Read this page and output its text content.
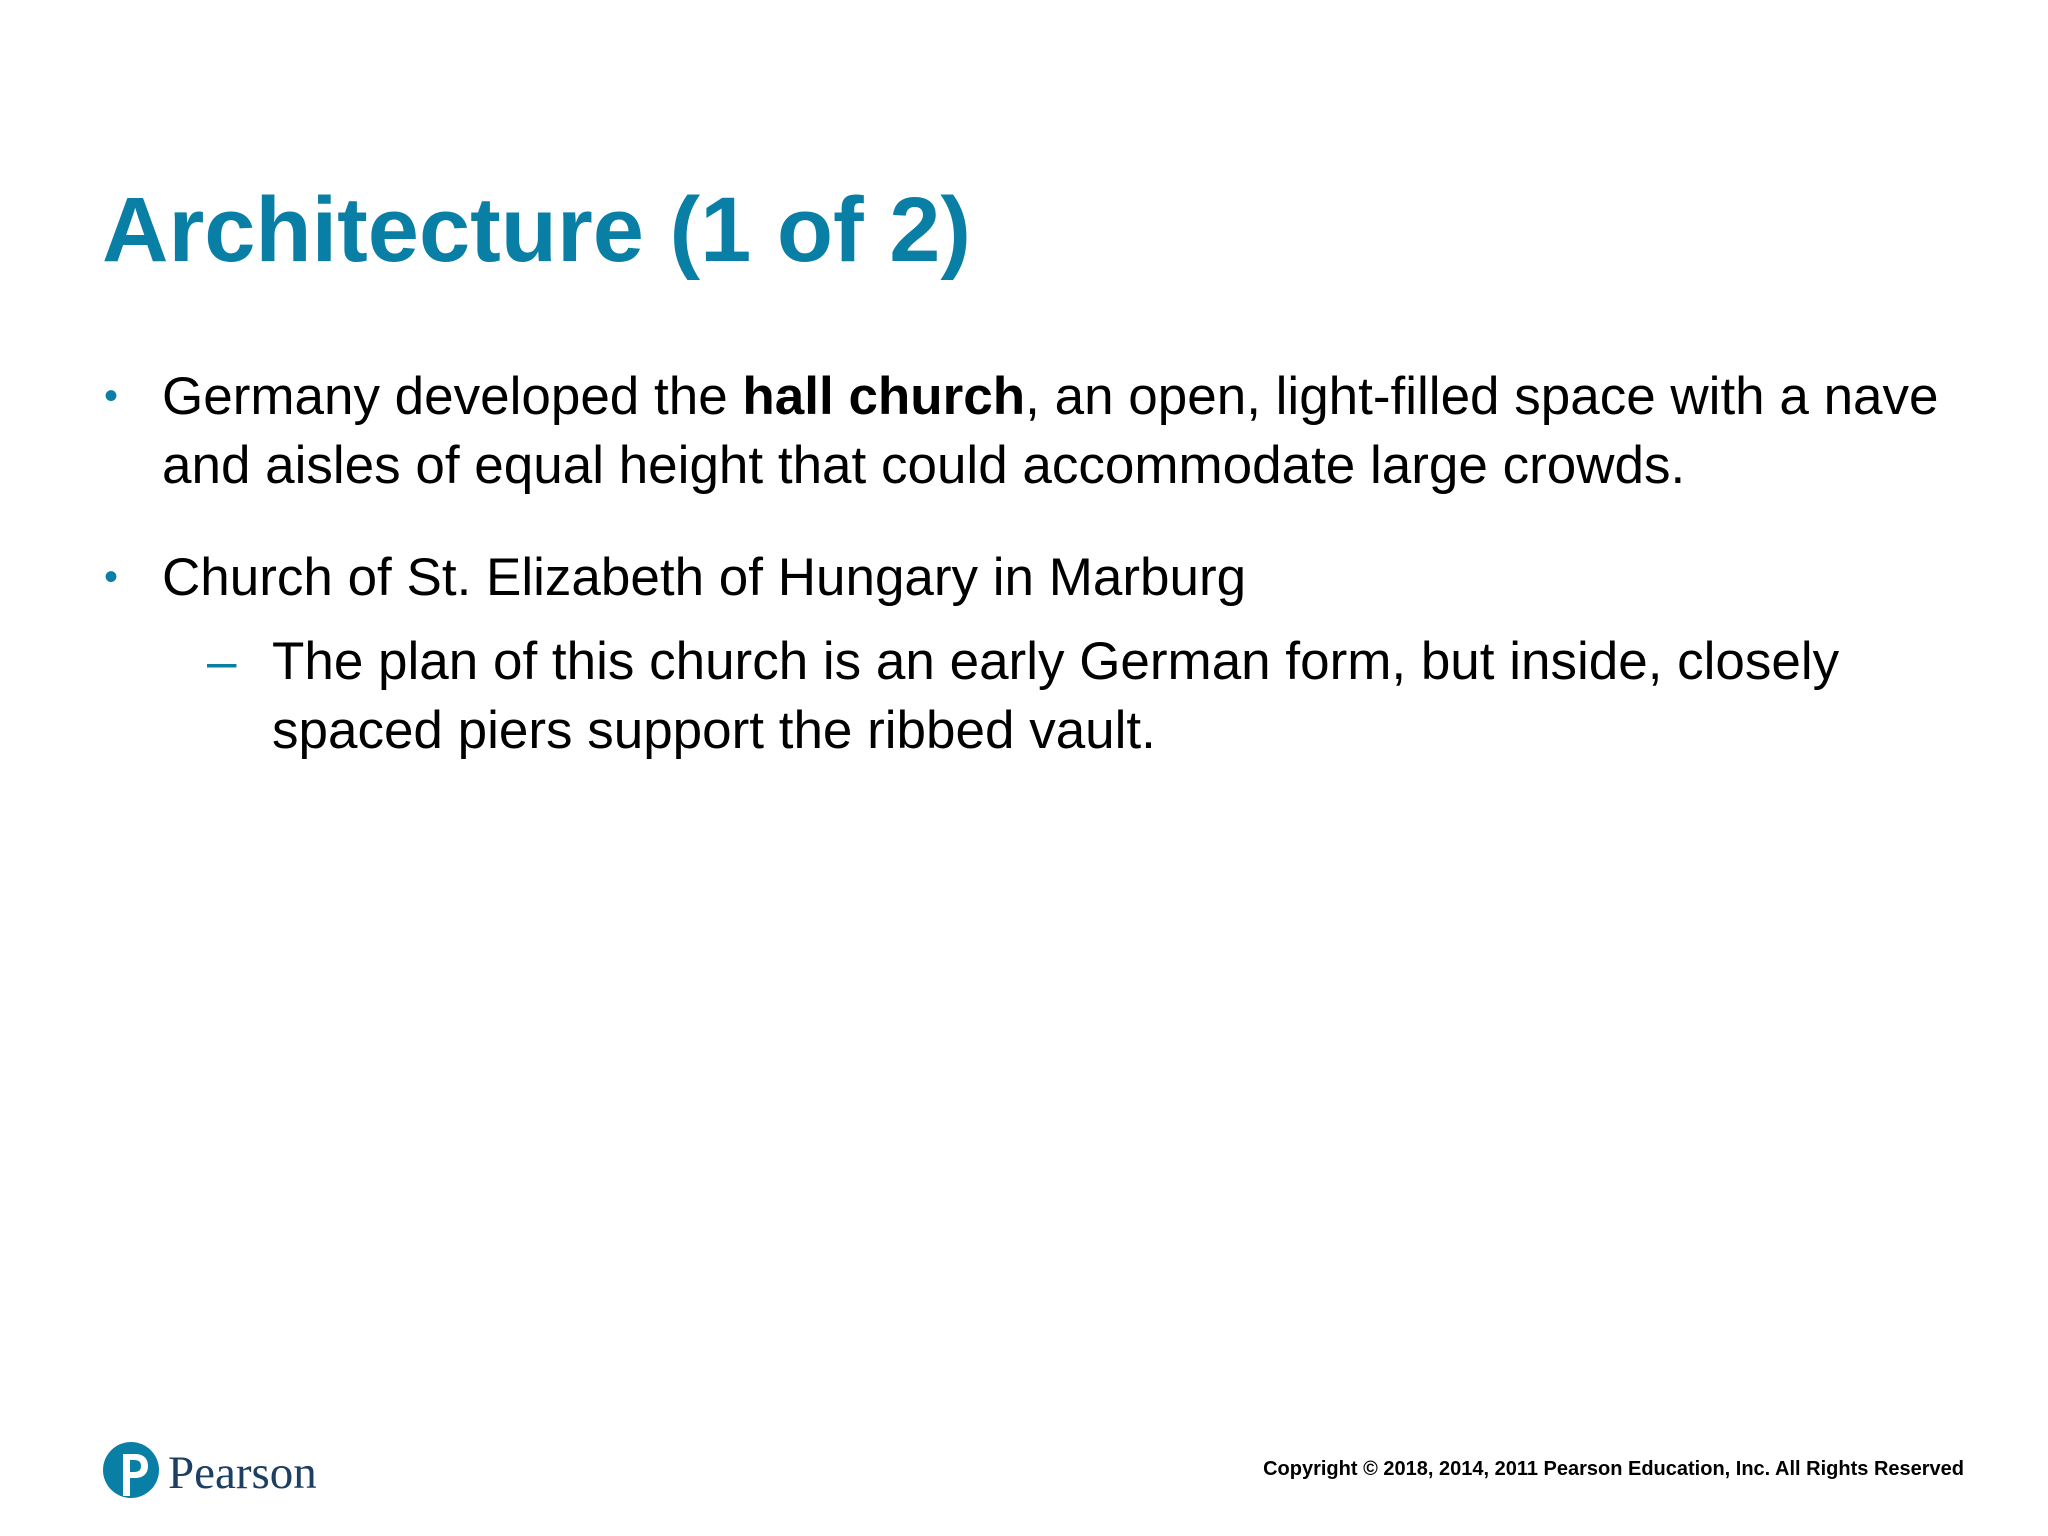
Architecture (1 of 2)
• Germany developed the hall church, an open, light-filled space with a nave and aisles of equal height that could accommodate large crowds.
• Church of St. Elizabeth of Hungary in Marburg
– The plan of this church is an early German form, but inside, closely spaced piers support the ribbed vault.
Pearson	Copyright © 2018, 2014, 2011 Pearson Education, Inc. All Rights Reserved
